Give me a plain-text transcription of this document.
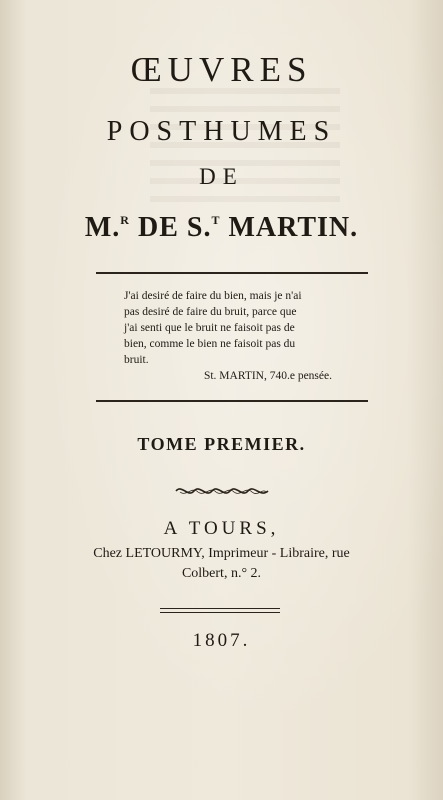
ŒUVRES
POSTHUMES
DE
M.$^R$ DE S.$^T$ MARTIN.
J'ai desiré de faire du bien, mais je n'ai
pas desiré de faire du bruit, parce que
j'ai senti que le bruit ne faisoit pas de
bien, comme le bien ne faisoit pas du
bruit.
St. MARTIN, 740.e pensée.
TOME PREMIER.
A TOURS,
Chez LETOURMY, Imprimeur - Libraire, rue
Colbert, n.° 2.
1807.
